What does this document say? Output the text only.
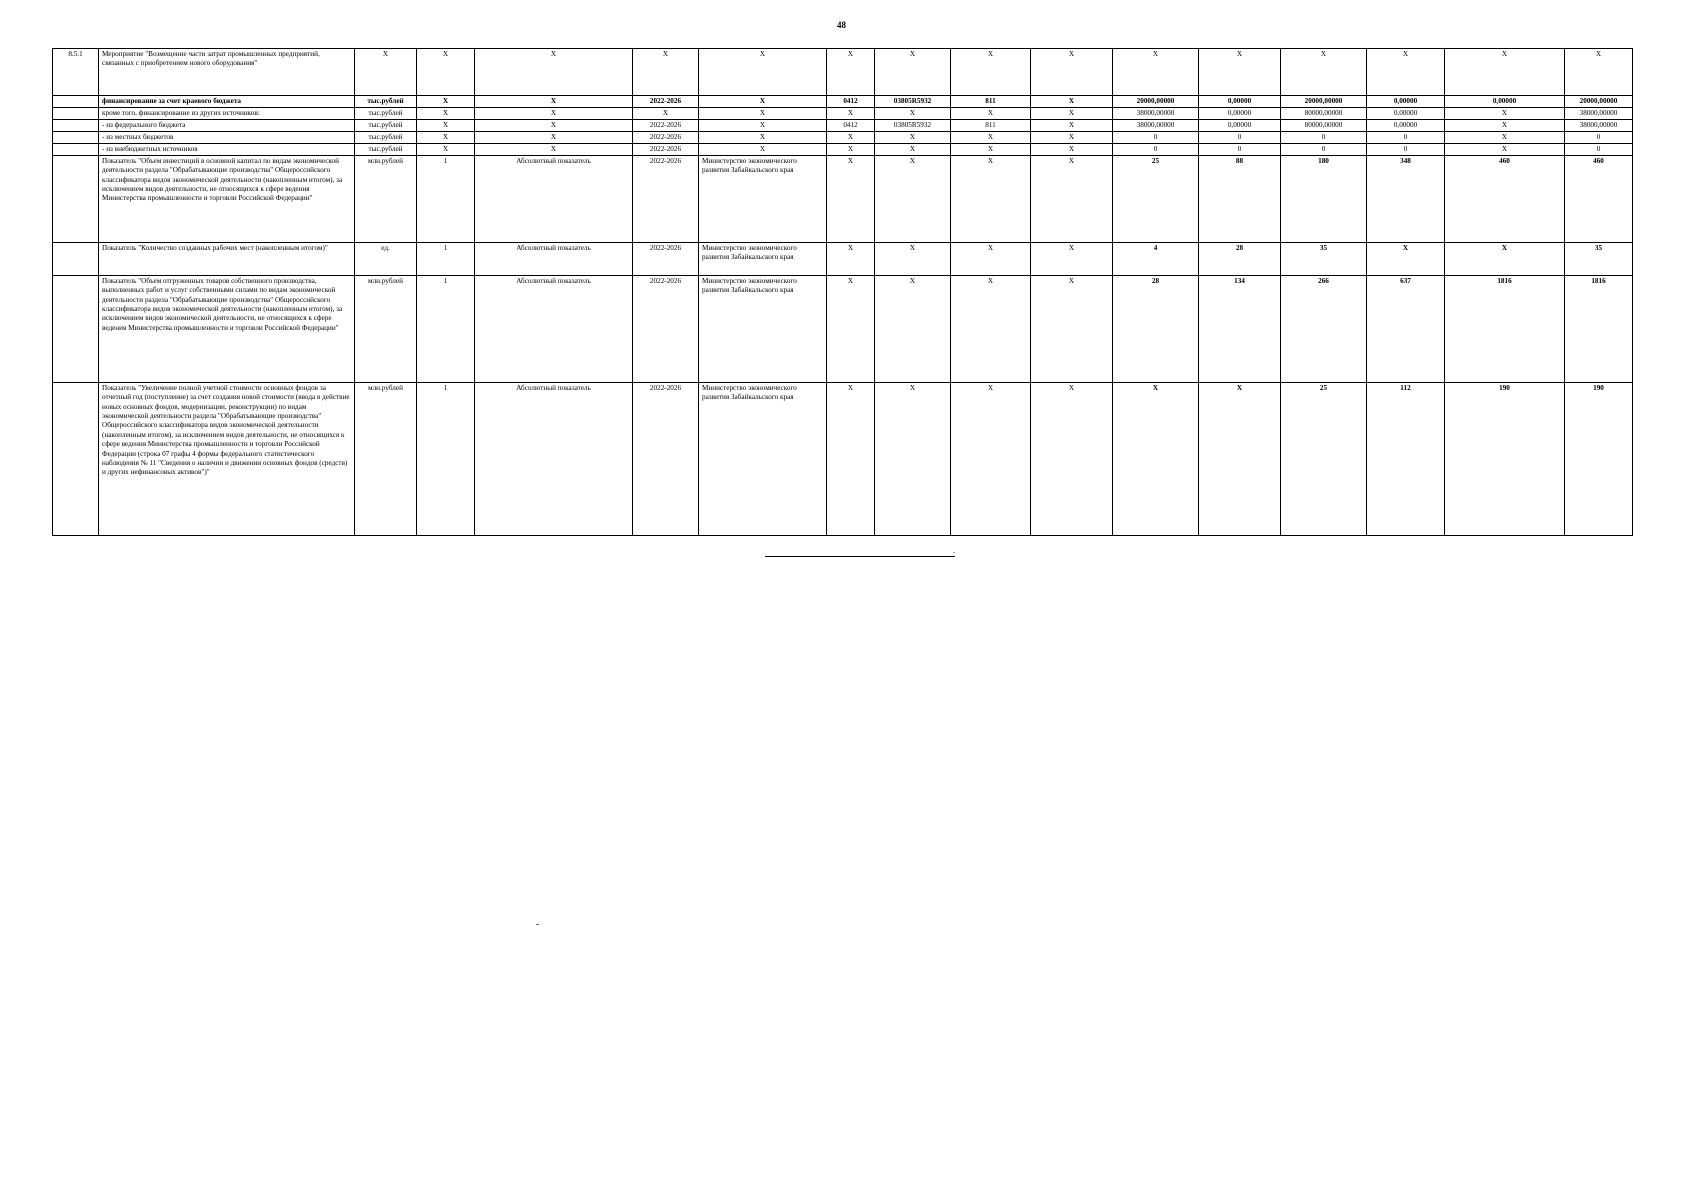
48
8.5.1	Мероприятие "Возмещение части затрат промышленных предприятий, связанных с приобретением нового оборудования"	X	X	X	X	X	X	X	X	X	X	X	X	X	X	X
	финансирование за счет краевого бюджета	тыс.рублей	X	X	2022-2026	X	0412	03805R5932	811	X	20000,00000	0,00000	20000,00000	0,00000	0,00000	20000,00000
	кроме того, финансирование из других источников:	тыс.рублей	X	X	X	X	X	X	X	X	38000,00000	0,00000	80000,00000	0,00000	X	38000,00000
	- из федерального бюджета	тыс.рублей	X	X	2022-2026	X	0412	03805R5932	811	X	38000,00000	0,00000	80000,00000	0,00000	X	38000,00000
	- из местных бюджетов	тыс.рублей	X	X	2022-2026	X	X	X	X	X	0	0	0	0	X	0
	- из внебюджетных источников	тыс.рублей	X	X	2022-2026	X	X	X	X	X	0	0	0	0	X	0
	Показатель "Объем инвестиций в основной капитал по видам экономической деятельности раздела "Обрабатывающие производства" Общероссийского классификатора видов экономической деятельности (накопленным итогом), за исключением видов деятельности, не относящихся к сфере ведения Министерства промышленности и торговли Российской Федерации"	млн.рублей	1	Абсолютный показатель	2022-2026	Министерство экономического развития Забайкальского края	X	X	X	X	25	88	180	348	460	460
	Показатель "Количество созданных рабочих мест (накопленным итогом)"	ед.	1	Абсолютный показатель	2022-2026	Министерство экономического развития Забайкальского края	X	X	X	X	4	28	35	X	X	35
	Показатель "Объем отгруженных товаров собственного производства, выполненных работ и услуг собственными силами по видам экономической деятельности раздела "Обрабатывающие производства" Общероссийского классификатора видов экономической деятельности (накопленным итогом), за исключением видов экономической деятельности, не относящихся к сфере ведения Министерства промышленности и торговли Российской Федерации"	млн.рублей	1	Абсолютный показатель	2022-2026	Министерство экономического развития Забайкальского края	X	X	X	X	28	134	266	637	1816	1816
	Показатель "Увеличение полной учетной стоимости основных фондов за отчетный год (поступление) за счет создания новой стоимости (ввода в действие новых основных фондов, модернизации, реконструкции) по видам экономической деятельности раздела "Обрабатывающие производства" Общероссийского классификатора видов экономической деятельности (накопленным итогом), за исключением видов деятельности, не относящихся к сфере ведения Министерства промышленности и торговли Российской Федерации (строка 07 графы 4 формы федерального статистического наблюдения № 11 "Сведения о наличии и движении основных фондов (средств) и других нефинансовых активов")"	млн.рублей	1	Абсолютный показатель	2022-2026	Министерство экономического развития Забайкальского края	X	X	X	X	X	X	25	112	190	190
.
